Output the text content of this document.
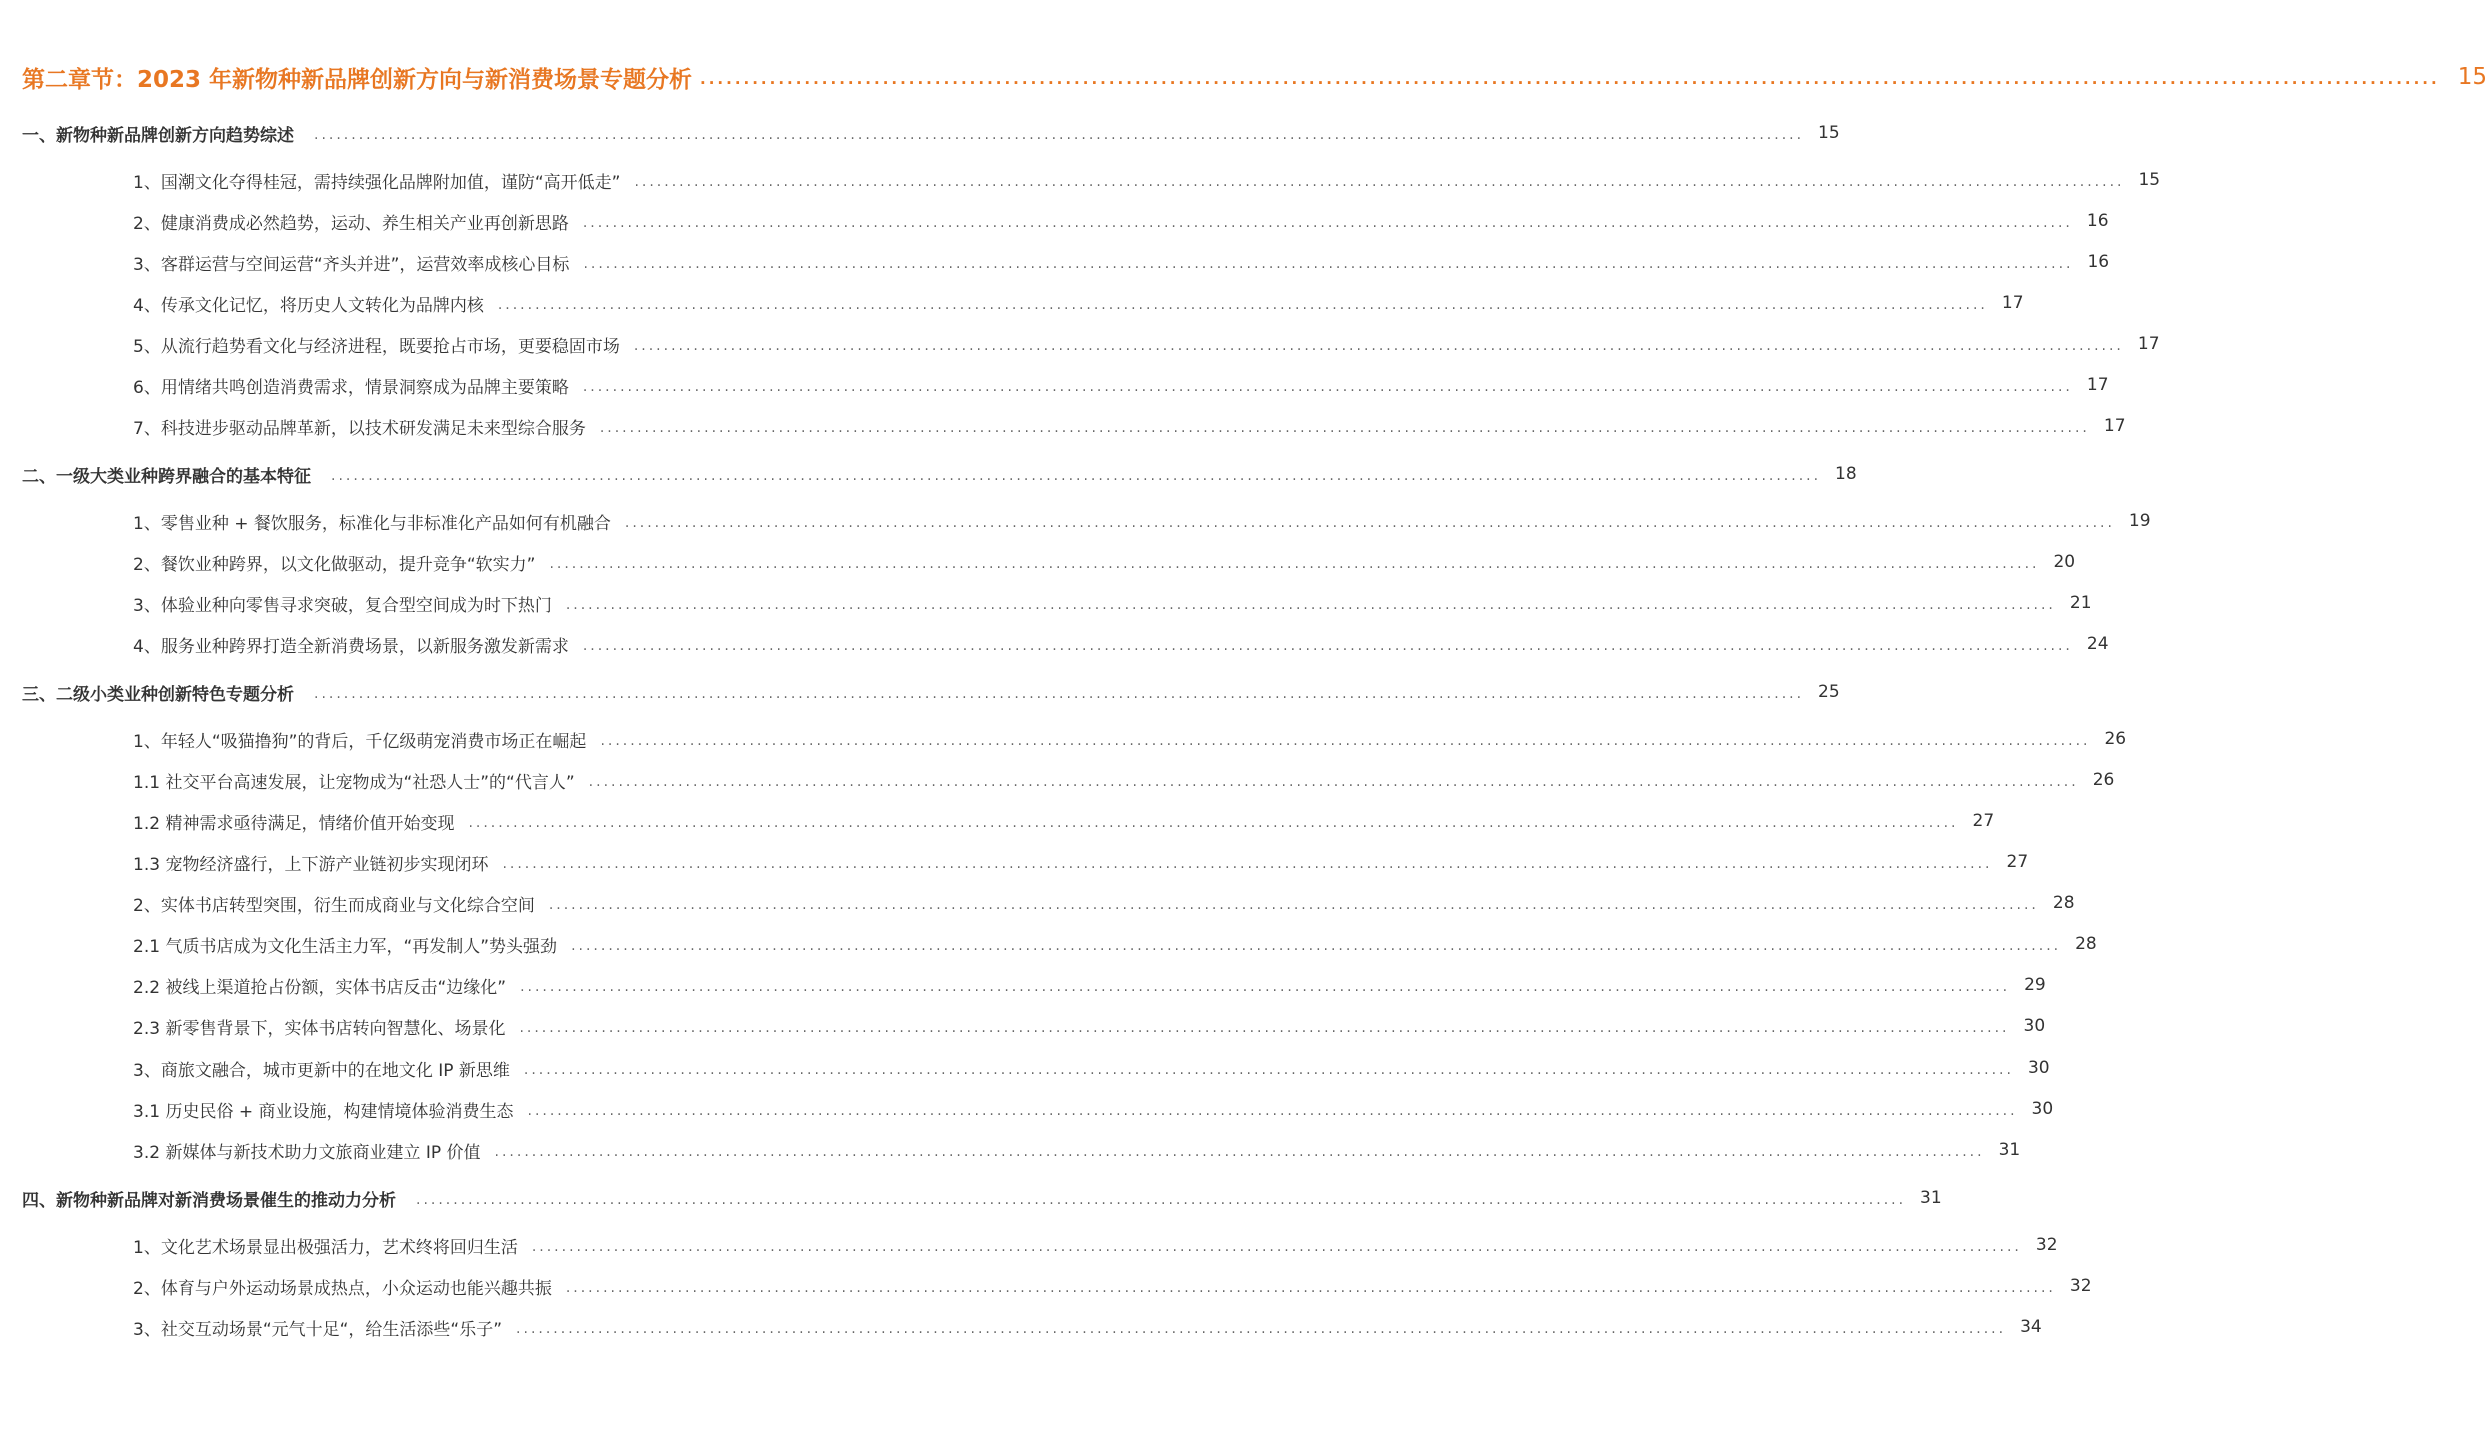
第二章节：2023 年新物种新品牌创新方向与新消费场景专题分析 ........................................................................................................................................................................................................ 15
一、 新物种新品牌创新方向趋势综述 ........................................................................................................................................................................................................ 15
1、国潮文化夺得桂冠，需持续强化品牌附加值，谨防“高开低走” ........................................................................................................................................................................................................ 15
2、健康消费成必然趋势，运动、养生相关产业再创新思路 ........................................................................................................................................................................................................ 16
3、客群运营与空间运营“齐头并进”，运营效率成核心目标 ........................................................................................................................................................................................................ 16
4、传承文化记忆，将历史人文转化为品牌内核 ........................................................................................................................................................................................................ 17
5、从流行趋势看文化与经济进程，既要抢占市场，更要稳固市场 ........................................................................................................................................................................................................ 17
6、用情绪共鸣创造消费需求，情景洞察成为品牌主要策略 ........................................................................................................................................................................................................ 17
7、科技进步驱动品牌革新，以技术研发满足未来型综合服务 ........................................................................................................................................................................................................ 17
二、 一级大类业种跨界融合的基本特征 ........................................................................................................................................................................................................ 18
1、零售业种 + 餐饮服务，标准化与非标准化产品如何有机融合 ........................................................................................................................................................................................................ 19
2、餐饮业种跨界，以文化做驱动，提升竞争“软实力” ........................................................................................................................................................................................................ 20
3、体验业种向零售寻求突破，复合型空间成为时下热门 ........................................................................................................................................................................................................ 21
4、服务业种跨界打造全新消费场景，以新服务激发新需求 ........................................................................................................................................................................................................ 24
三、 二级小类业种创新特色专题分析 ........................................................................................................................................................................................................ 25
1、年轻人“吸猫撸狗”的背后，千亿级萌宠消费市场正在崛起 ........................................................................................................................................................................................................ 26
1.1 社交平台高速发展，让宠物成为“社恐人士”的“代言人” ........................................................................................................................................................................................................ 26
1.2 精神需求亟待满足，情绪价值开始变现 ........................................................................................................................................................................................................ 27
1.3 宠物经济盛行，上下游产业链初步实现闭环 ........................................................................................................................................................................................................ 27
2、实体书店转型突围，衍生而成商业与文化综合空间 ........................................................................................................................................................................................................ 28
2.1 气质书店成为文化生活主力军，“再发制人”势头强劲 ........................................................................................................................................................................................................ 28
2.2 被线上渠道抢占份额，实体书店反击“边缘化” ........................................................................................................................................................................................................ 29
2.3 新零售背景下，实体书店转向智慧化、场景化 ........................................................................................................................................................................................................ 30
3、商旅文融合，城市更新中的在地文化 IP 新思维 ........................................................................................................................................................................................................ 30
3.1 历史民俗 + 商业设施，构建情境体验消费生态 ........................................................................................................................................................................................................ 30
3.2 新媒体与新技术助力文旅商业建立 IP 价值 ........................................................................................................................................................................................................ 31
四、 新物种新品牌对新消费场景催生的推动力分析 ........................................................................................................................................................................................................ 31
1、文化艺术场景显出极强活力，艺术终将回归生活 ........................................................................................................................................................................................................ 32
2、体育与户外运动场景成热点，小众运动也能兴趣共振 ........................................................................................................................................................................................................ 32
3、社交互动场景“元气十足“，给生活添些“乐子” ........................................................................................................................................................................................................ 34
